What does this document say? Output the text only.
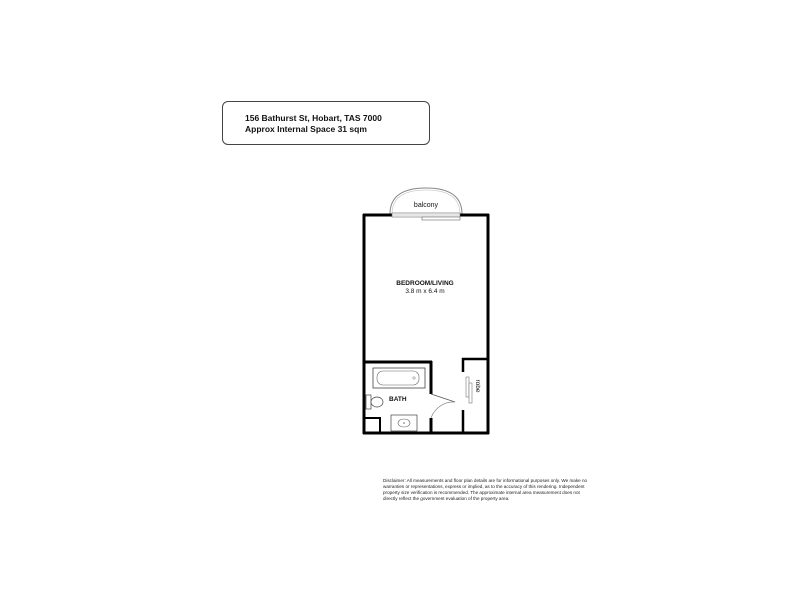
156 Bathurst St, Hobart, TAS 7000
Approx Internal Space 31 sqm
balcony
BEDROOM/LIVING
3.8 m x 6.4 m
BATH
robe
Disclaimer: All measurements and floor plan details are for informational purposes only. We make no warranties or representations, express or implied, as to the accuracy of this rendering. Independent property size verification is recommended. The approximate internal area measurement does not directly reflect the government evaluation of the property area.
